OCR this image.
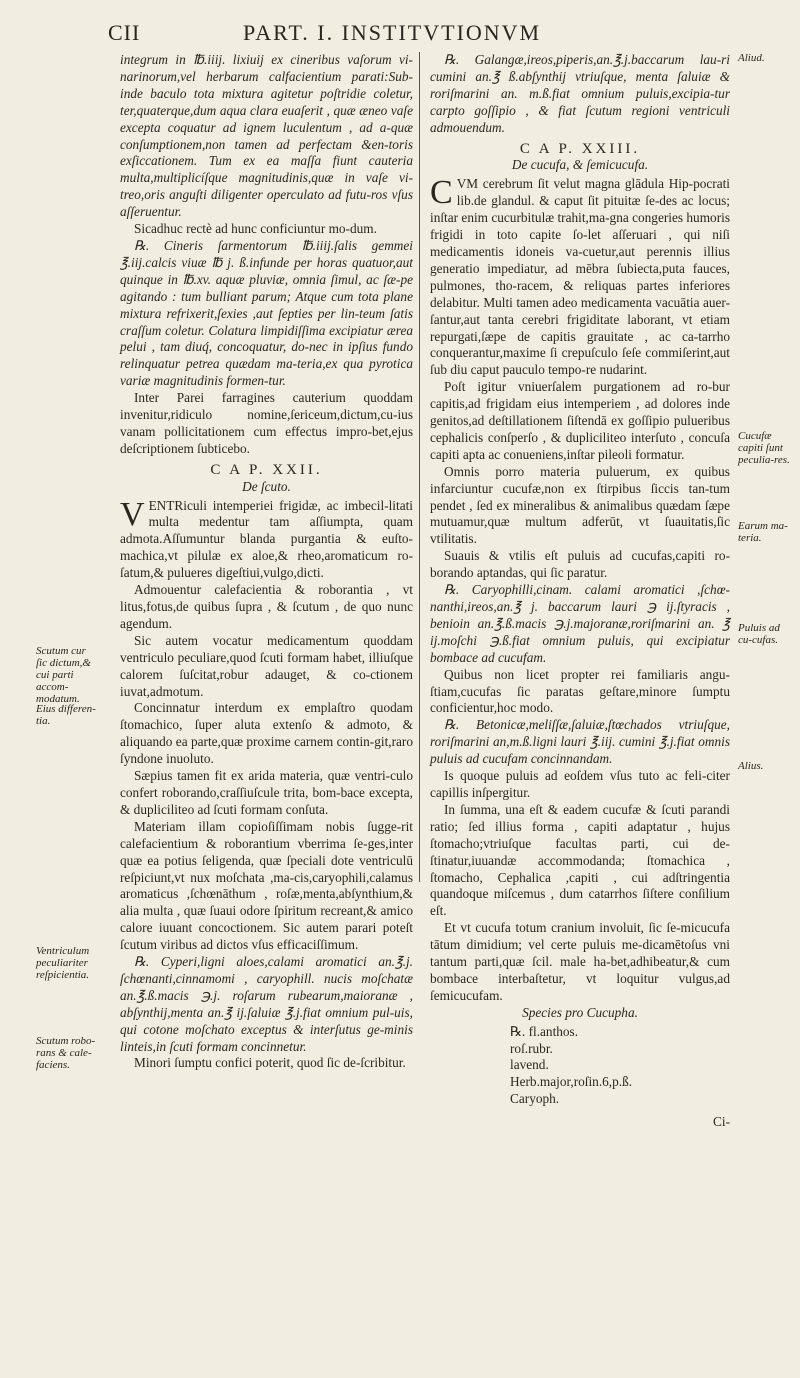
CII	PART. I. INSTITVTIONVM

integrum in ℔.iiij. lixiuij ex cineribus vaſorum vi-narinorum,vel herbarum calfacientium parati:Sub-inde baculo tota mixtura agitetur poſtridie coletur, ter,quaterque,dum aqua clara euaſerit , quæ æneo vaſe excepta coquatur ad ignem luculentum , ad a-quæ conſumptionem,non tamen ad perfectam &en-toris exſiccationem. Tum ex ea maſſa fiunt cauteria multa,multiplicíſque magnitudinis,quæ in vaſe vi-treo,oris anguſti diligenter operculato ad futu-ros vſus aſſeruentur.

Sicadhuc rectè ad hunc conficiuntur mo-dum.

℞. Cineris ſarmentorum ℔.iiij.ſalis gemmei ℥.iij.calcis viuæ ℔ j. ß.infunde per horas quatuor,aut quinque in ℔.xv. aquæ pluviæ, omnia ſimul, ac ſæ-pe agitando : tum bulliant parum; Atque cum tota plane mixtura refrixerit,ſexies ,aut ſepties per lin-teum ſatis craſſum coletur. Colatura limpidiſſima excipiatur ærea pelui , tam diuq́, concoquatur, do-nec in ipſius fundo relinquatur petrea quædam ma-teria,ex qua pyrotica variæ magnitudinis formen-tur.

Inter Parei farragines cauterium quoddam invenitur,ridiculo nomine,ſericeum,dictum,cu-ius vanam pollicitationem cum effectus impro-bet,ejus deſcriptionem ſubticebo.

C A P. XXII.
De ſcuto.

V ENTRiculi intemperiei frigidæ, ac imbecil-litati multa medentur tam aſſiumpta, quam admota.Aſſumuntur blanda purgantia & euſto-machica,vt pilulæ ex aloe,& rheo,aromaticum ro-ſatum,& pulueres digeſtiui,vulgo,dicti.

Admouentur calefacientia & roborantia , vt litus,fotus,de quibus ſupra , & ſcutum , de quo nunc agendum.

Sic autem vocatur medicamentum quoddam ventriculo peculiare,quod ſcuti formam habet, illiuſque calorem ſuſcitat,robur adauget, & co-ctionem iuvat,admotum.

Concinnatur interdum ex emplaſtro quodam ſtomachico, ſuper aluta extenſo & admoto, & aliquando ea parte,quæ proxime carnem contin-git,raro ſyndone inuoluto.

Sæpius tamen fit ex arida materia, quæ ventri-culo confert roborando,craſſiuſcule trita, bom-bace excepta, & dupliciliteo ad ſcuti formam conſuta.

Materiam illam copioſiſſimam nobis ſugge-rit calefacientium & roborantium vberrima ſe-ges,inter quæ ea potius ſeligenda, quæ ſpeciali dote ventriculū reſpiciunt,vt nux moſchata ,ma-cis,caryophili,calamus aromaticus ,ſchœnāthum , roſæ,menta,abſynthium,& alia multa , quæ ſuaui odore ſpiritum recreant,& amico calore iuuant concoctionem. Sic autem parari poteſt ſcutum viribus ad dictos vſus efficaciſſimum.

℞. Cyperi,ligni aloes,calami aromatici an.℥.j. ſchœnanti,cinnamomi , caryophill. nucis moſchatæ an.℥.ß.macis ℈.j. roſarum rubearum,maioranæ , abſynthij,menta an.℥ ij.ſaluiæ ℥.j.fiat omnium pul-uis, qui cotone moſchato exceptus & interſutus ge-minis linteis,in ſcuti formam concinnetur.

Minori ſumptu confici poterit, quod ſic de-ſcribitur.

℞. Galangæ,ireos,piperis,an.℥.j.baccarum lau-ri cumini an.℥ ß.abſynthij vtriuſque, menta ſaluiæ & roriſmarini an. m.ß.fiat omnium puluis,excipia-tur carpto goſſipio , & fiat ſcutum regioni ventriculi admouendum.

C A P. XXIII.
De cucufa, & ſemicucufa.

CVM cerebrum ſit velut magna glādula Hip-pocrati lib.de glandul. & caput ſit pituitæ ſe-des ac locus; inſtar enim cucurbitulæ trahit,ma-gna congeries humoris frigidi in toto capite ſo-let aſſeruari , qui niſi medicamentis idoneis va-cuetur,aut perennis illius generatio impediatur, ad mēbra ſubiecta,puta fauces, pulmones, tho-racem, & reliquas partes inferiores delabitur. Multi tamen adeo medicamenta vacuātia auer-ſantur,aut tanta cerebri frigiditate laborant, vt etiam repurgati,ſæpe de capitis grauitate , ac ca-tarrho conquerantur,maxime ſi crepuſculo ſeſe commiſerint,aut ſub diu caput pauculo tempo-re nudarint.

Poſt igitur vniuerſalem purgationem ad ro-bur capitis,ad frigidam eius intemperiem , ad dolores inde genitos,ad deſtillationem ſiſtendā ex goſſipio pulueribus cephalicis conſperſo , & dupliciliteo interſuto , concuſa capiti apta ac conueniens,inſtar pileoli formatur.

Omnis porro materia puluerum, ex quibus infarciuntur cucufæ,non ex ſtirpibus ſiccis tan-tum pendet , ſed ex mineralibus & animalibus quædam ſæpe mutuamur,quæ multum adferūt, vt ſuauitatis,ſic vtilitatis.

Suauis & vtilis eſt puluis ad cucufas,capiti ro-borando aptandas, qui ſic paratur.

℞. Caryophilli,cinam. calami aromatici ,ſchœ-nanthi,ireos,an.℥ j. baccarum lauri ℈ ij.ſtyracis , benioin an.℥.ß.macis ℈.j.majoranæ,roriſmarini an. ℥ ij.moſchi ℈.ß.fiat omnium puluis, qui excipiatur bombace ad cucufam.

Quibus non licet propter rei familiaris angu-ſtiam,cucufas ſic paratas geſtare,minore ſumptu conficientur,hoc modo.

℞. Betonicæ,meliſſæ,ſaluiæ,ſtœchados vtriuſque, roriſmarini an,m.ß.ligni lauri ℥.iij. cumini ℥.j.fiat omnis puluis ad cucufam concinnandam.

Is quoque puluis ad eoſdem vſus tuto ac feli-citer capillis inſpergitur.

In ſumma, una eſt & eadem cucufæ & ſcuti parandi ratio; ſed illius forma , capiti adaptatur , hujus ſtomacho;vtriuſque facultas parti, cui de-ſtinatur,iuuandæ accommodanda; ſtomachica , ſtomacho, Cephalica ,capiti , cui adſtringentia quandoque miſcemus , dum catarrhos ſiſtere conſilium eſt.

Et vt cucufa totum cranium involuit, ſic ſe-micucufa tātum dimidium; vel certe puluis me-dicamētoſus vni tantum parti,quæ ſcil. male ha-bet,adhibeatur,& cum bombace interbaſtetur, vt loquitur vulgus,ad ſemicucufam.

Species pro Cucupha.
℞. fl.anthos.
roſ.rubr.
lavend.
Herb.major,roſin.6,p.ß.
Caryoph.
Ci-
Aliud.
Scutum cur ſic dictum,& cui parti accom-modatum.
Eius differen-tia.
Cucufæ capiti ſunt peculia-res.
Earum ma-teria.
Puluis ad cu-cufas.
Alius.
Ventriculum peculiariter reſpicientia.
Scutum robo-rans & cale-faciens.
